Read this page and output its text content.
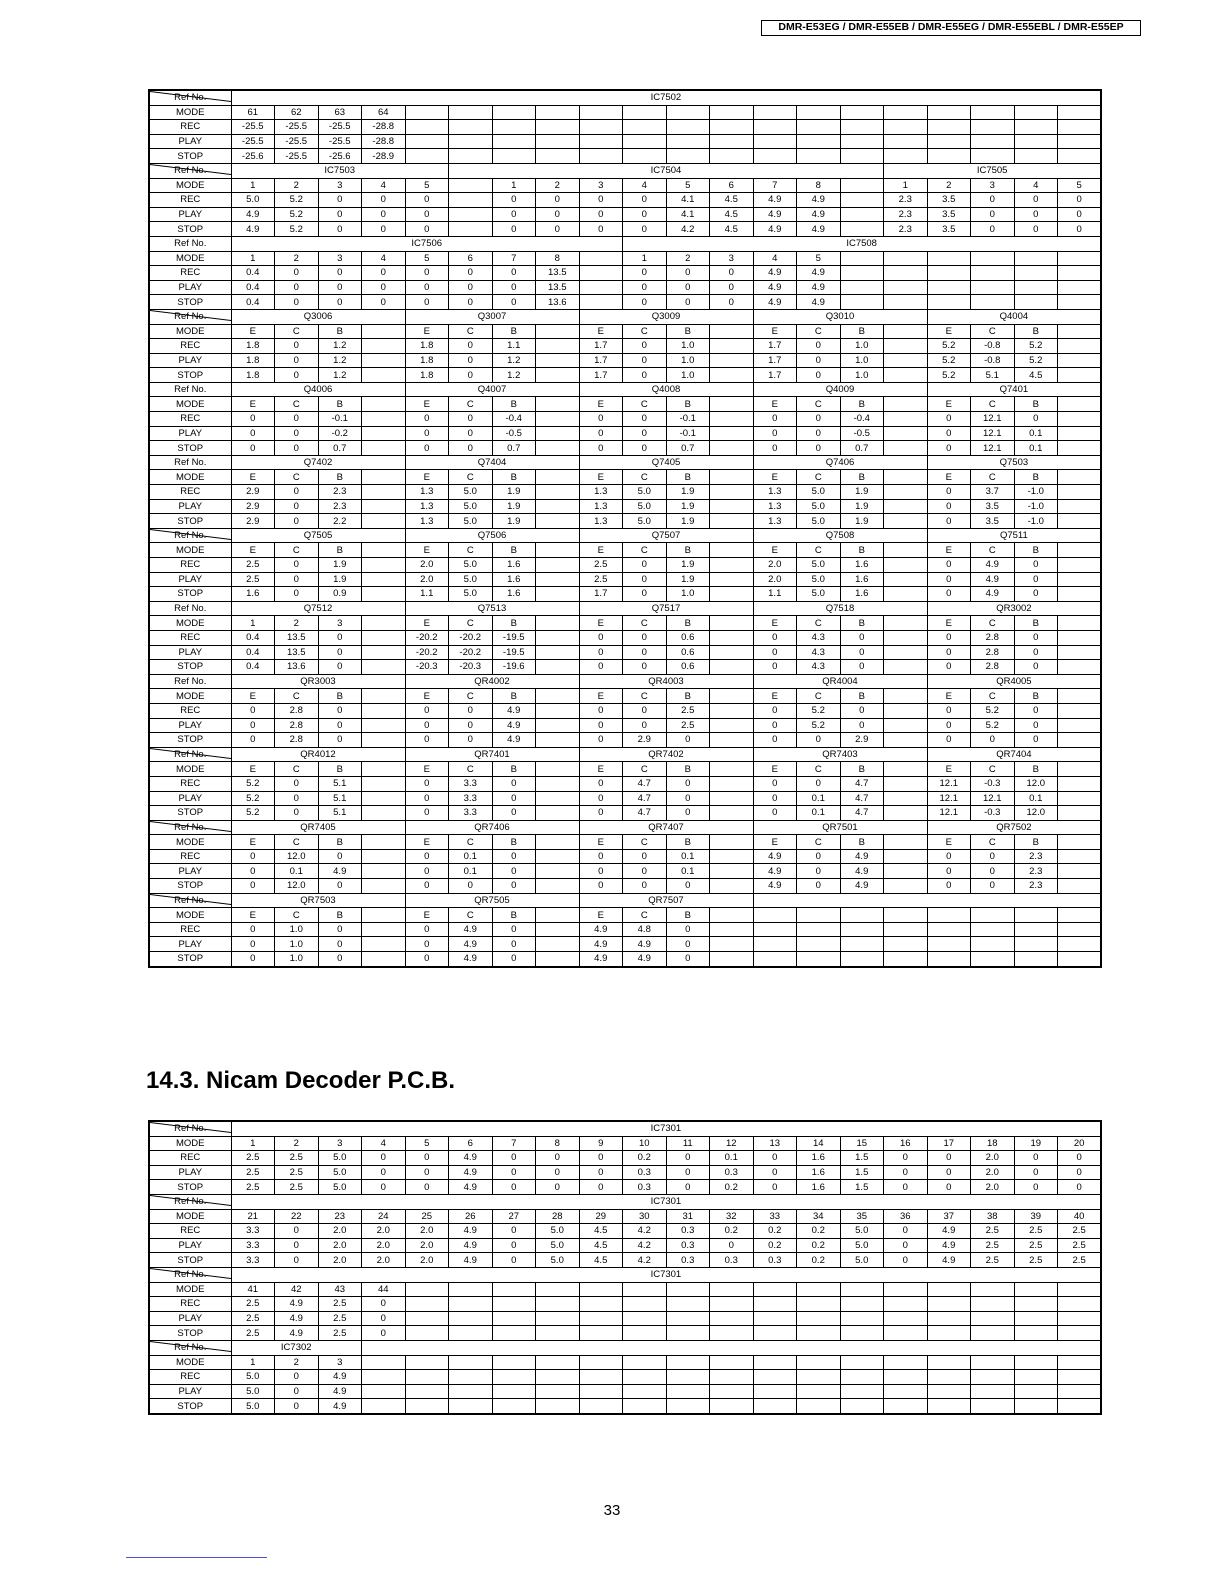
DMR-E53EG / DMR-E55EB / DMR-E55EG / DMR-E55EBL / DMR-E55EP
Ref No.	IC7502																			
MODE	61	62	63	64																
REC	-25.5	-25.5	-25.5	-28.8																
PLAY	-25.5	-25.5	-25.5	-28.8																
STOP	-25.6	-25.5	-25.6	-28.9																
Ref No.	IC7503					IC7504										IC7505				
MODE	1	2	3	4	5		1	2	3	4	5	6	7	8		1	2	3	4	5
REC	5.0	5.2	0	0	0		0	0	0	0	4.1	4.5	4.9	4.9		2.3	3.5	0	0	0
PLAY	4.9	5.2	0	0	0		0	0	0	0	4.1	4.5	4.9	4.9		2.3	3.5	0	0	0
STOP	4.9	5.2	0	0	0		0	0	0	0	4.2	4.5	4.9	4.9		2.3	3.5	0	0	0
Ref No.	IC7506									IC7508										
MODE	1	2	3	4	5	6	7	8		1	2	3	4	5						
REC	0.4	0	0	0	0	0	0	13.5		0	0	0	4.9	4.9						
PLAY	0.4	0	0	0	0	0	0	13.5		0	0	0	4.9	4.9						
STOP	0.4	0	0	0	0	0	0	13.6		0	0	0	4.9	4.9						
Ref No.	Q3006				Q3007				Q3009				Q3010				Q4004			
MODE	E	C	B		E	C	B		E	C	B		E	C	B		E	C	B	
REC	1.8	0	1.2		1.8	0	1.1		1.7	0	1.0		1.7	0	1.0		5.2	-0.8	5.2	
PLAY	1.8	0	1.2		1.8	0	1.2		1.7	0	1.0		1.7	0	1.0		5.2	-0.8	5.2	
STOP	1.8	0	1.2		1.8	0	1.2		1.7	0	1.0		1.7	0	1.0		5.2	5.1	4.5	
Ref No.	Q4006				Q4007				Q4008				Q4009				Q7401			
MODE	E	C	B		E	C	B		E	C	B		E	C	B		E	C	B	
REC	0	0	-0.1		0	0	-0.4		0	0	-0.1		0	0	-0.4		0	12.1	0	
PLAY	0	0	-0.2		0	0	-0.5		0	0	-0.1		0	0	-0.5		0	12.1	0.1	
STOP	0	0	0.7		0	0	0.7		0	0	0.7		0	0	0.7		0	12.1	0.1	
Ref No.	Q7402				Q7404				Q7405				Q7406				Q7503			
MODE	E	C	B		E	C	B		E	C	B		E	C	B		E	C	B	
REC	2.9	0	2.3		1.3	5.0	1.9		1.3	5.0	1.9		1.3	5.0	1.9		0	3.7	-1.0	
PLAY	2.9	0	2.3		1.3	5.0	1.9		1.3	5.0	1.9		1.3	5.0	1.9		0	3.5	-1.0	
STOP	2.9	0	2.2		1.3	5.0	1.9		1.3	5.0	1.9		1.3	5.0	1.9		0	3.5	-1.0	
Ref No.	Q7505				Q7506				Q7507				Q7508				Q7511			
MODE	E	C	B		E	C	B		E	C	B		E	C	B		E	C	B	
REC	2.5	0	1.9		2.0	5.0	1.6		2.5	0	1.9		2.0	5.0	1.6		0	4.9	0	
PLAY	2.5	0	1.9		2.0	5.0	1.6		2.5	0	1.9		2.0	5.0	1.6		0	4.9	0	
STOP	1.6	0	0.9		1.1	5.0	1.6		1.7	0	1.0		1.1	5.0	1.6		0	4.9	0	
Ref No.	Q7512				Q7513				Q7517				Q7518				QR3002			
MODE	1	2	3		E	C	B		E	C	B		E	C	B		E	C	B	
REC	0.4	13.5	0		-20.2	-20.2	-19.5		0	0	0.6		0	4.3	0		0	2.8	0	
PLAY	0.4	13.5	0		-20.2	-20.2	-19.5		0	0	0.6		0	4.3	0		0	2.8	0	
STOP	0.4	13.6	0		-20.3	-20.3	-19.6		0	0	0.6		0	4.3	0		0	2.8	0	
Ref No.	QR3003				QR4002				QR4003				QR4004				QR4005			
MODE	E	C	B		E	C	B		E	C	B		E	C	B		E	C	B	
REC	0	2.8	0		0	0	4.9		0	0	2.5		0	5.2	0		0	5.2	0	
PLAY	0	2.8	0		0	0	4.9		0	0	2.5		0	5.2	0		0	5.2	0	
STOP	0	2.8	0		0	0	4.9		0	2.9	0		0	0	2.9		0	0	0	
Ref No.	QR4012				QR7401				QR7402				QR7403				QR7404			
MODE	E	C	B		E	C	B		E	C	B		E	C	B		E	C	B	
REC	5.2	0	5.1		0	3.3	0		0	4.7	0		0	0	4.7		12.1	-0.3	12.0	
PLAY	5.2	0	5.1		0	3.3	0		0	4.7	0		0	0.1	4.7		12.1	12.1	0.1	
STOP	5.2	0	5.1		0	3.3	0		0	4.7	0		0	0.1	4.7		12.1	-0.3	12.0	
Ref No.	QR7405				QR7406				QR7407				QR7501				QR7502			
MODE	E	C	B		E	C	B		E	C	B		E	C	B		E	C	B	
REC	0	12.0	0		0	0.1	0		0	0	0.1		4.9	0	4.9		0	0	2.3	
PLAY	0	0.1	4.9		0	0.1	0		0	0	0.1		4.9	0	4.9		0	0	2.3	
STOP	0	12.0	0		0	0	0		0	0	0		4.9	0	4.9		0	0	2.3	
Ref No.	QR7503				QR7505				QR7507											
MODE	E	C	B		E	C	B		E	C	B									
REC	0	1.0	0		0	4.9	0		4.9	4.8	0									
PLAY	0	1.0	0		0	4.9	0		4.9	4.9	0									
STOP	0	1.0	0		0	4.9	0		4.9	4.9	0									
14.3. Nicam Decoder P.C.B.
Ref No.	IC7301																			
MODE	1	2	3	4	5	6	7	8	9	10	11	12	13	14	15	16	17	18	19	20
REC	2.5	2.5	5.0	0	0	4.9	0	0	0	0.2	0	0.1	0	1.6	1.5	0	0	2.0	0	0
PLAY	2.5	2.5	5.0	0	0	4.9	0	0	0	0.3	0	0.3	0	1.6	1.5	0	0	2.0	0	0
STOP	2.5	2.5	5.0	0	0	4.9	0	0	0	0.3	0	0.2	0	1.6	1.5	0	0	2.0	0	0
Ref No.	IC7301																			
MODE	21	22	23	24	25	26	27	28	29	30	31	32	33	34	35	36	37	38	39	40
REC	3.3	0	2.0	2.0	2.0	4.9	0	5.0	4.5	4.2	0.3	0.2	0.2	0.2	5.0	0	4.9	2.5	2.5	2.5
PLAY	3.3	0	2.0	2.0	2.0	4.9	0	5.0	4.5	4.2	0.3	0	0.2	0.2	5.0	0	4.9	2.5	2.5	2.5
STOP	3.3	0	2.0	2.0	2.0	4.9	0	5.0	4.5	4.2	0.3	0.3	0.3	0.2	5.0	0	4.9	2.5	2.5	2.5
Ref No.	IC7301																			
MODE	41	42	43	44																
REC	2.5	4.9	2.5	0																
PLAY	2.5	4.9	2.5	0																
STOP	2.5	4.9	2.5	0																
Ref No.	IC7302																			
MODE	1	2	3																	
REC	5.0	0	4.9																	
PLAY	5.0	0	4.9																	
STOP	5.0	0	4.9																	
33
